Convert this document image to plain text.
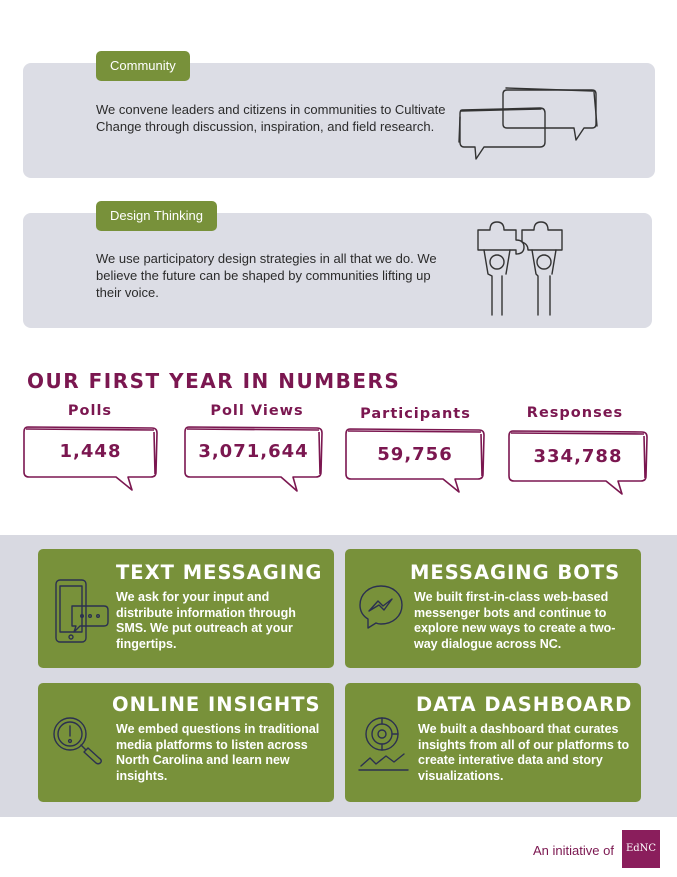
Community
We convene leaders and citizens in communities to Cultivate Change through discussion, inspiration, and field research.
Design Thinking
We use participatory design strategies in all that we do. We believe the future can be shaped by communities lifting up their voice.
OUR FIRST YEAR IN NUMBERS
Polls	Poll Views	Participants	Responses
1,448	3,071,644	59,756	334,788
TEXT MESSAGING
We ask for your input and distribute information through SMS. We put outreach at your fingertips.
MESSAGING BOTS
We built first-in-class web-based messenger bots and continue to explore new ways to create a two-way dialogue across NC.
ONLINE INSIGHTS
We embed questions in traditional media platforms to listen across North Carolina and learn new insights.
DATA DASHBOARD
We built a dashboard that curates insights from all of our platforms to create interative data and story visualizations.
An initiative of	EdNC
